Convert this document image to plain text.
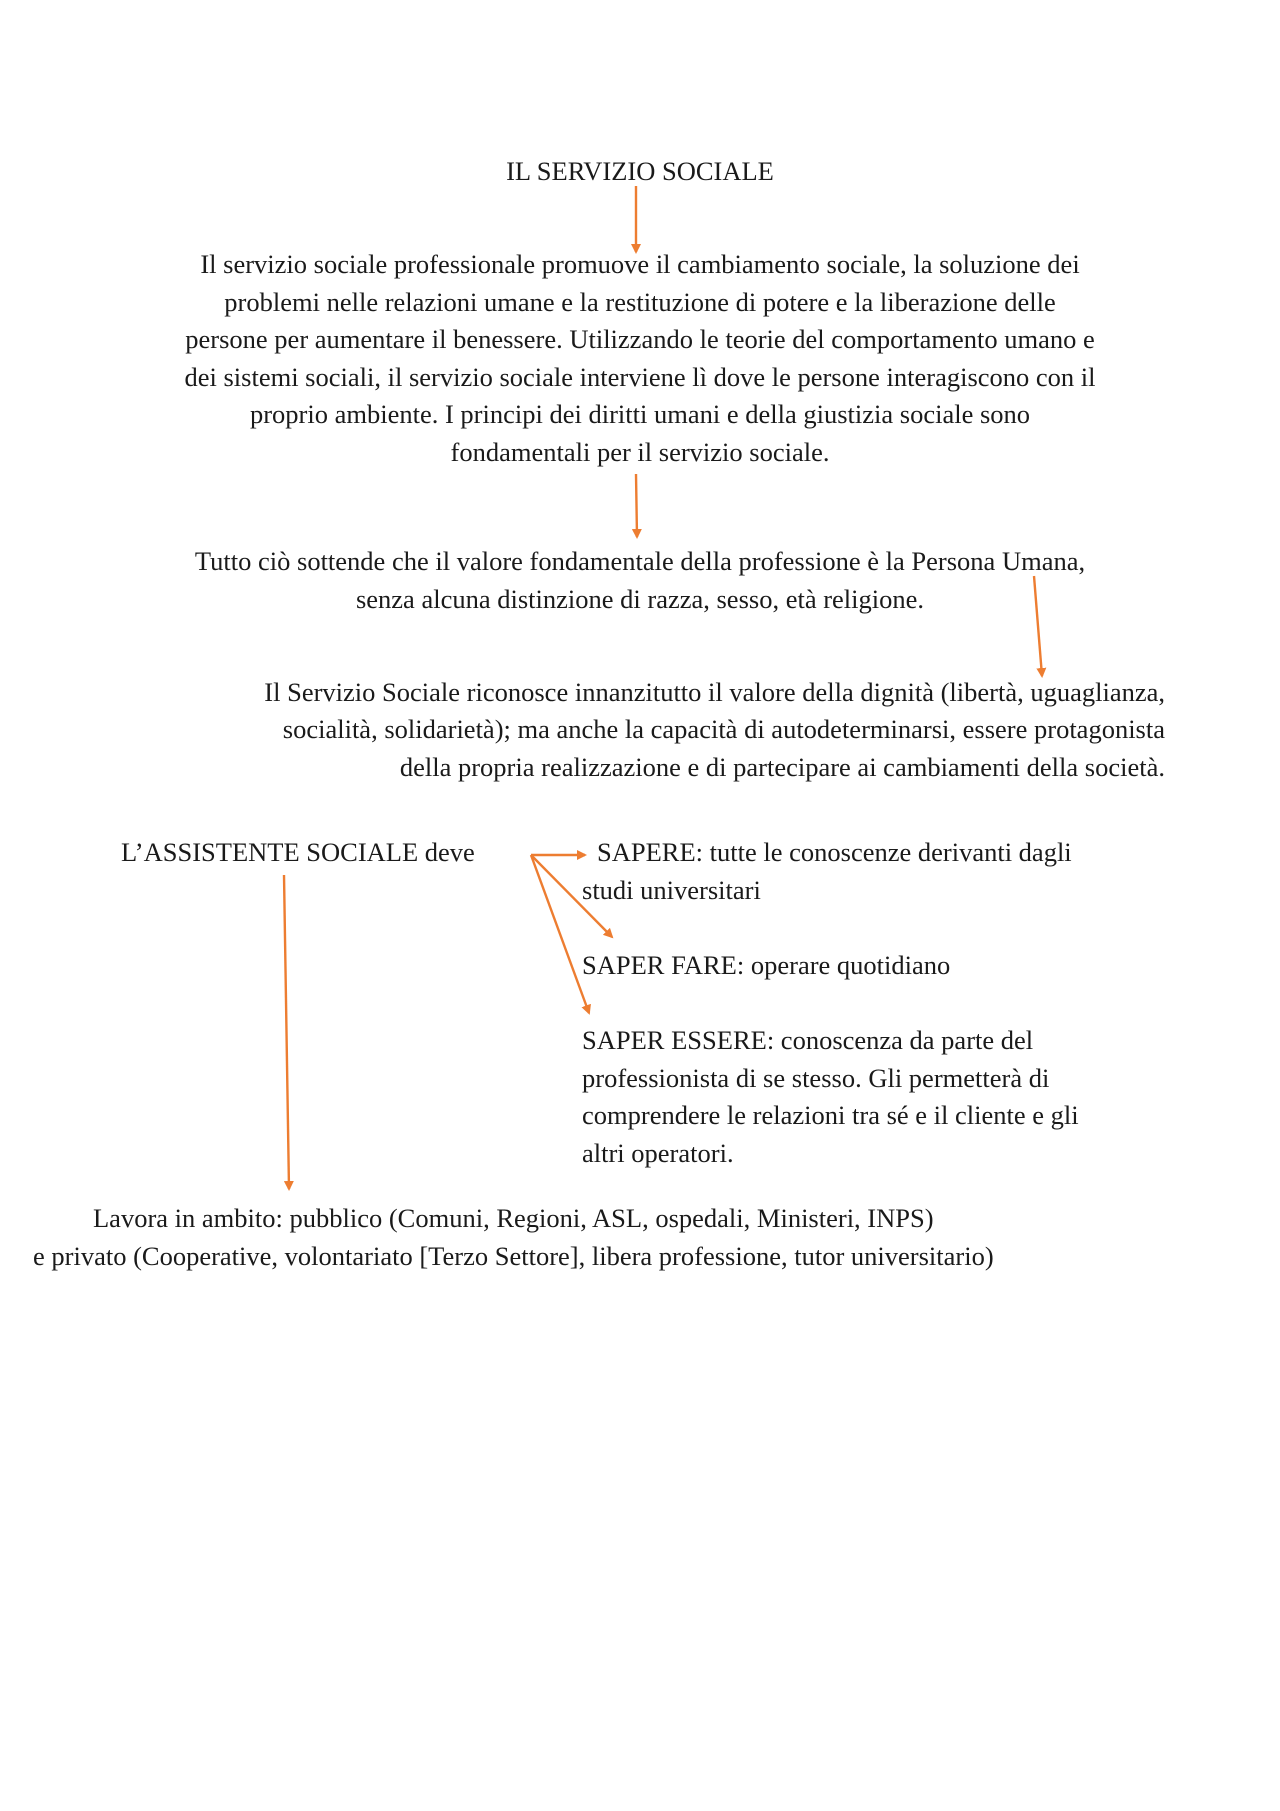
IL SERVIZIO SOCIALE
Il servizio sociale professionale promuove il cambiamento sociale, la soluzione dei
problemi nelle relazioni umane e la restituzione di potere e la liberazione delle
persone per aumentare il benessere. Utilizzando le teorie del comportamento umano e
dei sistemi sociali, il servizio sociale interviene lì dove le persone interagiscono con il
proprio ambiente. I principi dei diritti umani e della giustizia sociale sono
fondamentali per il servizio sociale.
Tutto ciò sottende che il valore fondamentale della professione è la Persona Umana,
senza alcuna distinzione di razza, sesso, età religione.
Il Servizio Sociale riconosce innanzitutto il valore della dignità (libertà, uguaglianza,
socialità, solidarietà); ma anche la capacità di autodeterminarsi, essere protagonista
della propria realizzazione e di partecipare ai cambiamenti della società.
L’ASSISTENTE SOCIALE deve	SAPERE: tutte le conoscenze derivanti dagli
studi universitari
SAPER FARE: operare quotidiano
SAPER ESSERE: conoscenza da parte del
professionista di se stesso. Gli permetterà di
comprendere le relazioni tra sé e il cliente e gli
altri operatori.
Lavora in ambito: pubblico (Comuni, Regioni, ASL, ospedali, Ministeri, INPS)
e privato (Cooperative, volontariato [Terzo Settore], libera professione, tutor universitario)
